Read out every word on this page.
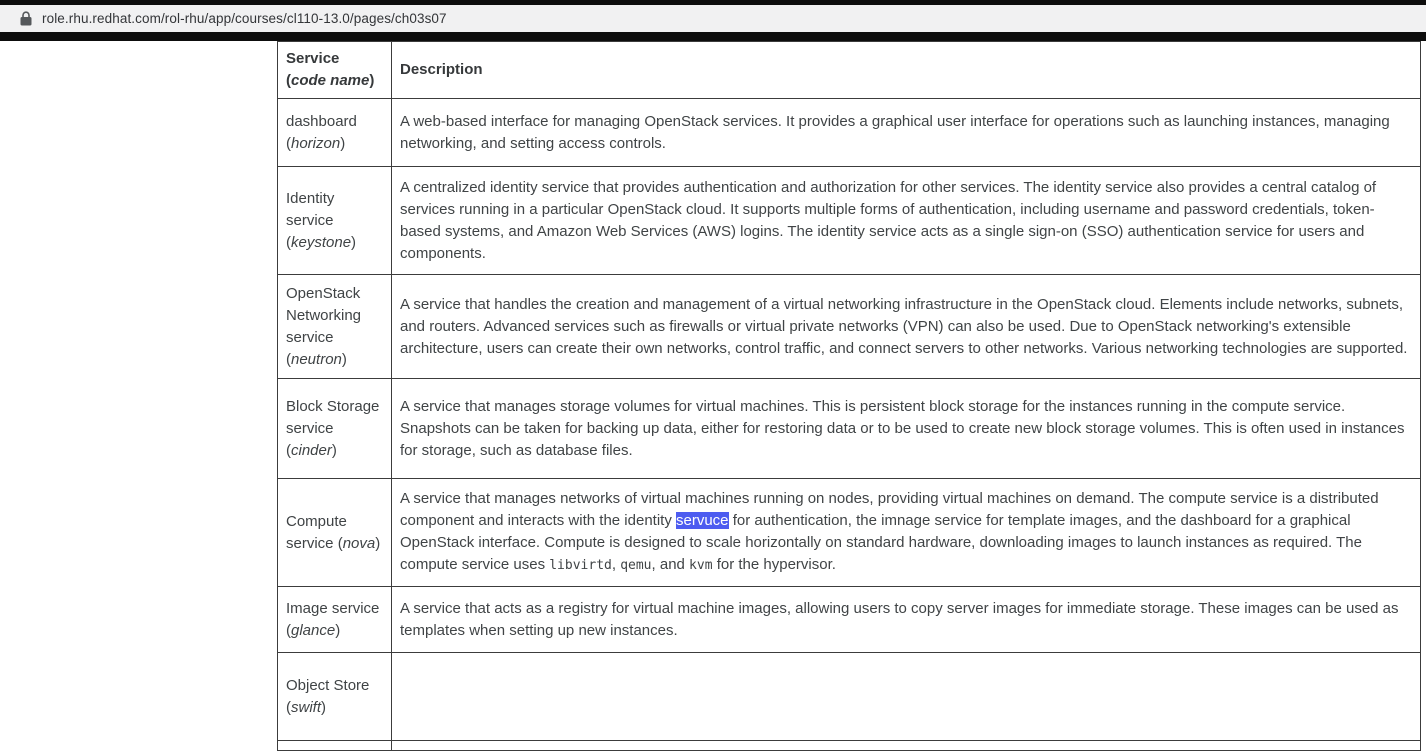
role.rhu.redhat.com/rol-rhu/app/courses/cl110-13.0/pages/ch03s07
Service (code name)	Description
dashboard (horizon)	A web-based interface for managing OpenStack services. It provides a graphical user interface for operations such as launching instances, managing networking, and setting access controls.

Identity service (keystone)	A centralized identity service that provides authentication and authorization for other services. The identity service also provides a central catalog of services running in a particular OpenStack cloud. It supports multiple forms of authentication, including username and password credentials, token-based systems, and Amazon Web Services (AWS) logins. The identity service acts as a single sign-on (SSO) authentication service for users and components.

OpenStack Networking service (neutron)	A service that handles the creation and management of a virtual networking infrastructure in the OpenStack cloud. Elements include networks, subnets, and routers. Advanced services such as firewalls or virtual private networks (VPN) can also be used. Due to OpenStack networking's extensible architecture, users can create their own networks, control traffic, and connect servers to other networks. Various networking technologies are supported.

Block Storage service (cinder)	A service that manages storage volumes for virtual machines. This is persistent block storage for the instances running in the compute service. Snapshots can be taken for backing up data, either for restoring data or to be used to create new block storage volumes. This is often used in instances for storage, such as database files.

Compute service (nova)	A service that manages networks of virtual machines running on nodes, providing virtual machines on demand. The compute service is a distributed component and interacts with the identity servuce for authentication, the imnage service for template images, and the dashboard for a graphical OpenStack interface. Compute is designed to scale horizontally on standard hardware, downloading images to launch instances as required. The compute service uses libvirtd, qemu, and kvm for the hypervisor.

Image service (glance)	A service that acts as a registry for virtual machine images, allowing users to copy server images for immediate storage. These images can be used as templates when setting up new instances.

Object Store (swift)	
